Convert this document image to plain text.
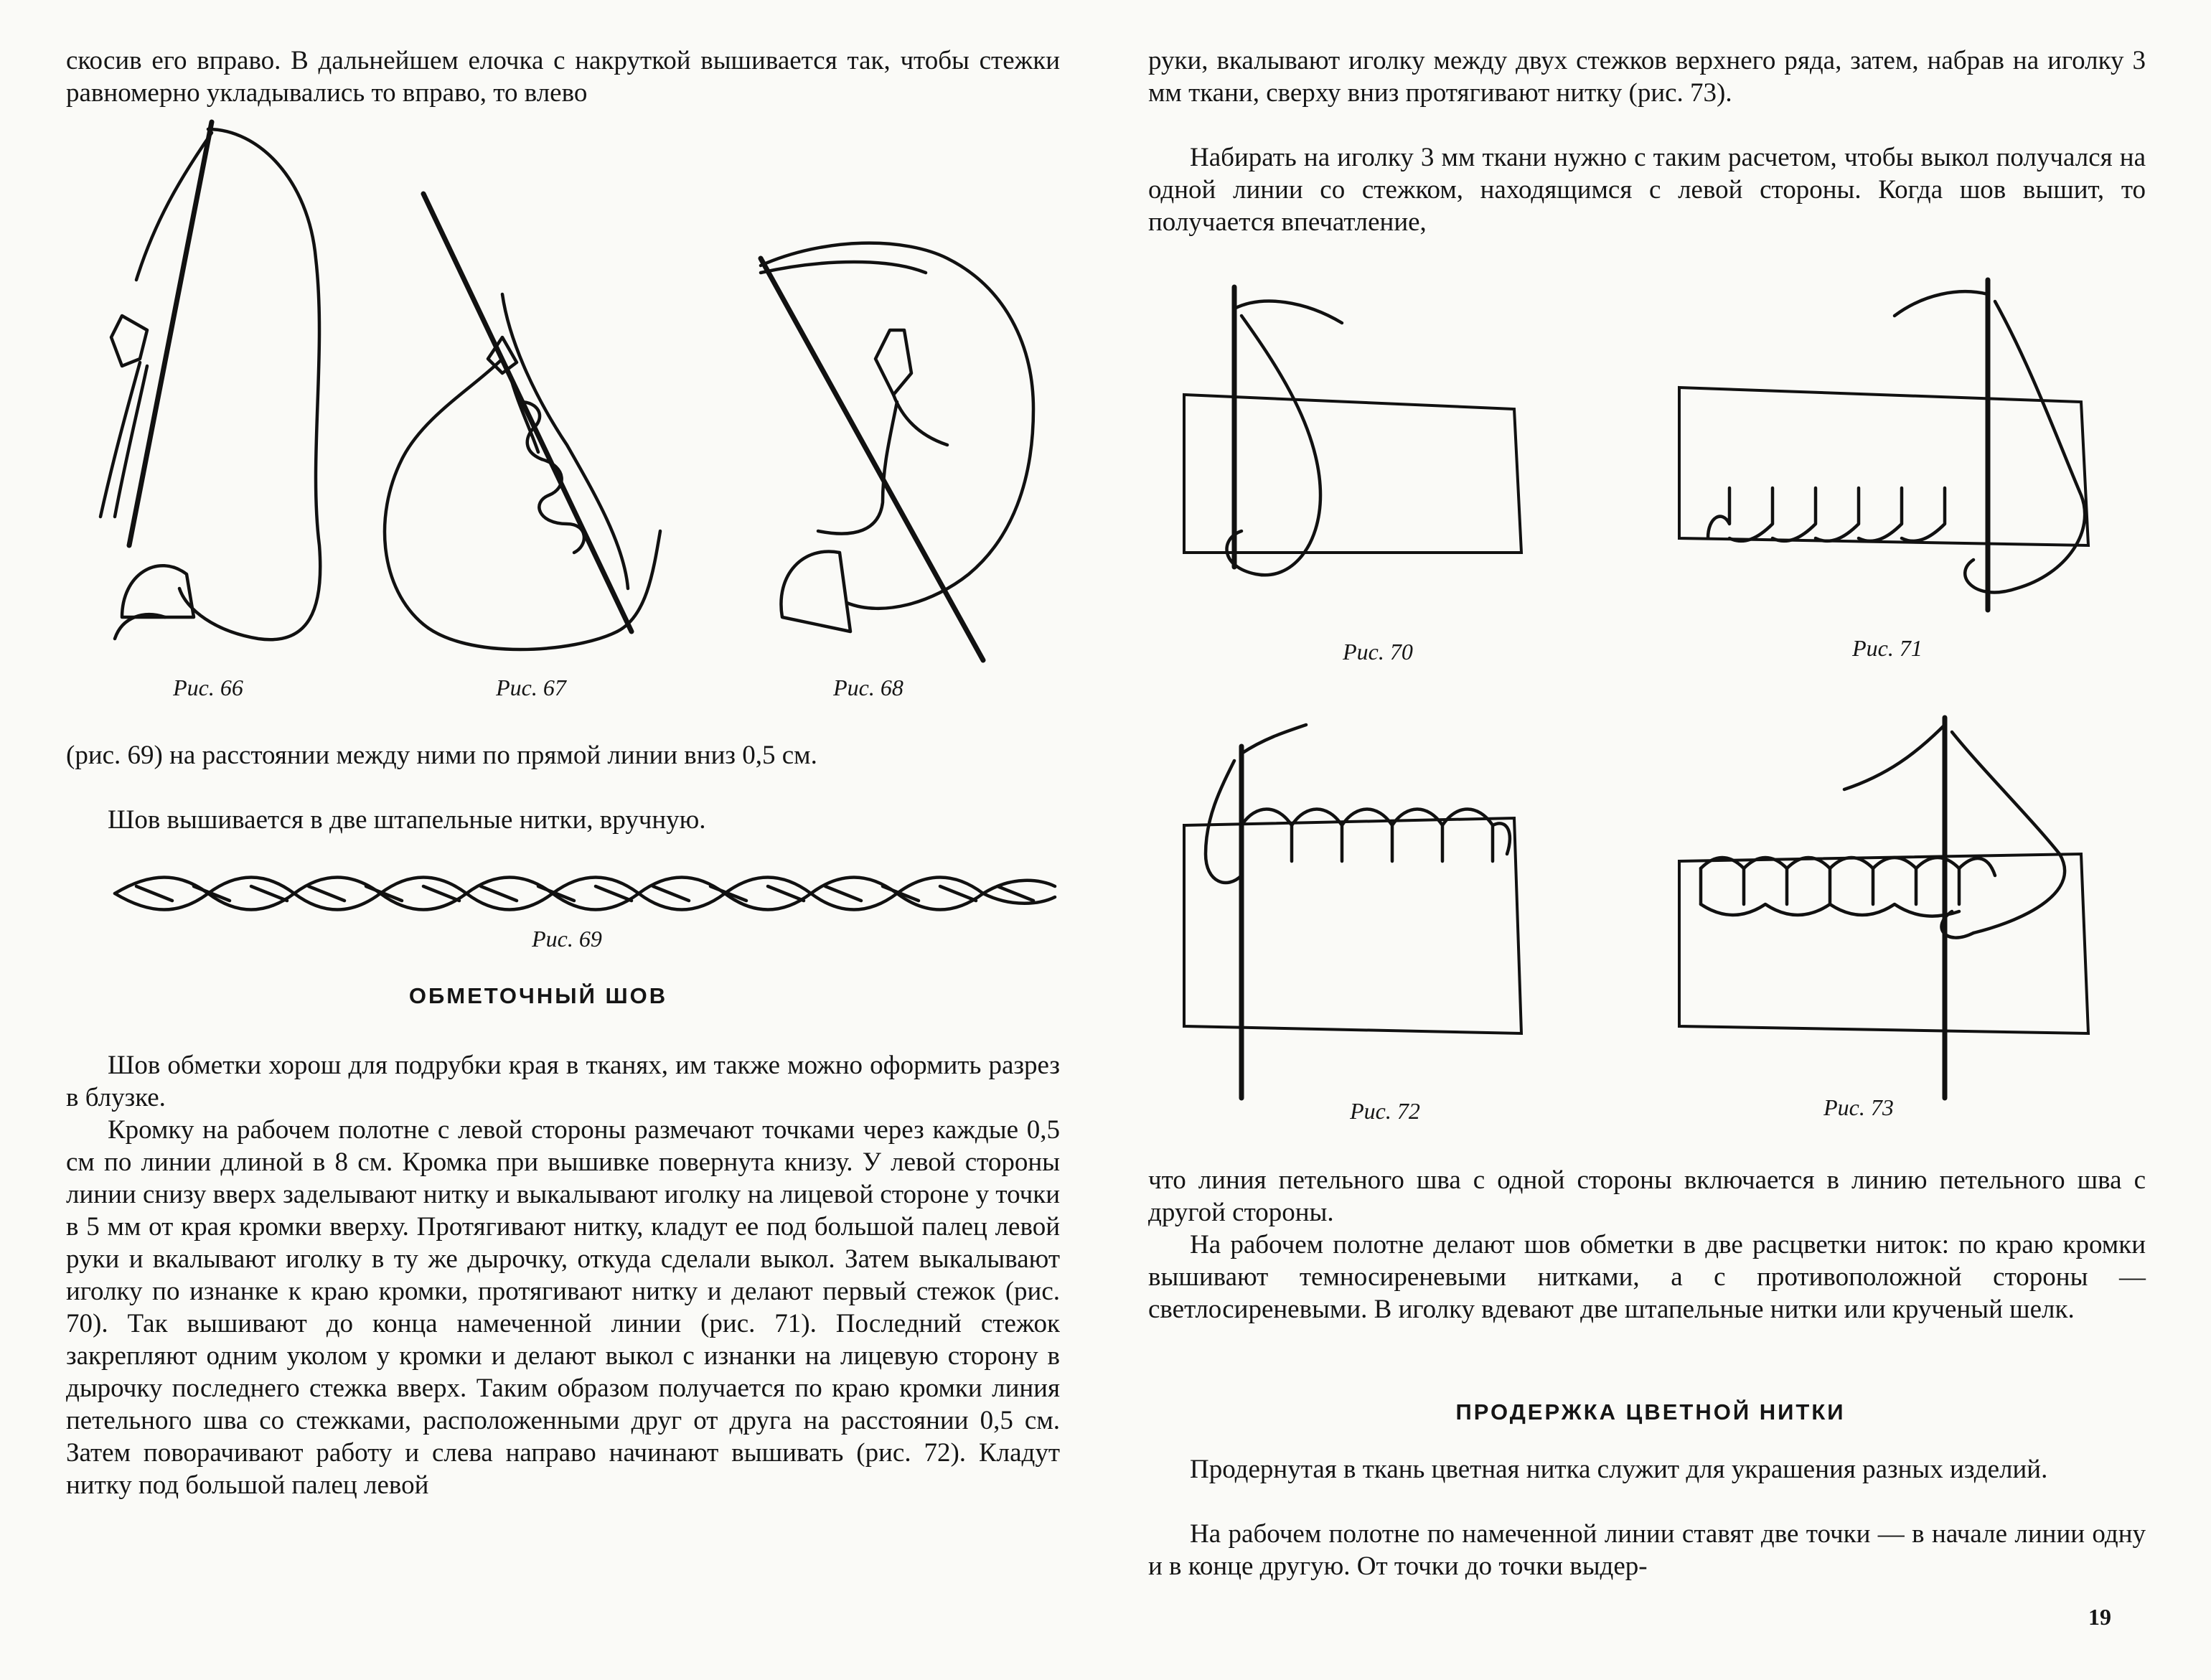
скосив его вправо. В дальнейшем елочка с накруткой вышивается так, чтобы стежки равномерно укладывались то вправо, то влево

Рис. 66	Рис. 67	Рис. 68

(рис. 69) на расстоянии между ними по прямой линии вниз 0,5 см.

Шов вышивается в две штапельные нитки, вручную.

Рис. 69
ОБМЕТОЧНЫЙ ШОВ

Шов обметки хорош для подрубки края в тканях, им также можно оформить разрез в блузке.

Кромку на рабочем полотне с левой стороны размечают точками через каждые 0,5 см по линии длиной в 8 см. Кромка при вышивке повернута книзу. У левой стороны линии снизу вверх заделывают нитку и выкалывают иголку на лицевой стороне у точки в 5 мм от края кромки вверху. Протягивают нитку, кладут ее под большой палец левой руки и вкалывают иголку в ту же дырочку, откуда сделали выкол. Затем выкалывают иголку по изнанке к краю кромки, протягивают нитку и делают первый стежок (рис. 70). Так вышивают до конца намеченной линии (рис. 71). Последний стежок закрепляют одним уколом у кромки и делают выкол с изнанки на лицевую сторону в дырочку последнего стежка вверх. Таким образом получается по краю кромки линия петельного шва со стежками, расположенными друг от друга на расстоянии 0,5 см. Затем поворачивают работу и слева направо начинают вышивать (рис. 72). Кладут нитку под большой палец левой

руки, вкалывают иголку между двух стежков верхнего ряда, затем, набрав на иголку 3 мм ткани, сверху вниз протягивают нитку (рис. 73).

Набирать на иголку 3 мм ткани нужно с таким расчетом, чтобы выкол получался на одной линии со стежком, находящимся с левой стороны. Когда шов вышит, то получается впечатление,

Рис. 70	Рис. 71
Рис. 72	Рис. 73

что линия петельного шва с одной стороны включается в линию петельного шва с другой стороны.

На рабочем полотне делают шов обметки в две расцветки ниток: по краю кромки вышивают темносиреневыми нитками, а с противоположной стороны — светлосиреневыми. В иголку вдевают две штапельные нитки или крученый шелк.

ПРОДЕРЖКА ЦВЕТНОЙ НИТКИ

Продернутая в ткань цветная нитка служит для украшения разных изделий.

На рабочем полотне по намеченной линии ставят две точки — в начале линии одну и в конце другую. От точки до точки выдер-

19
